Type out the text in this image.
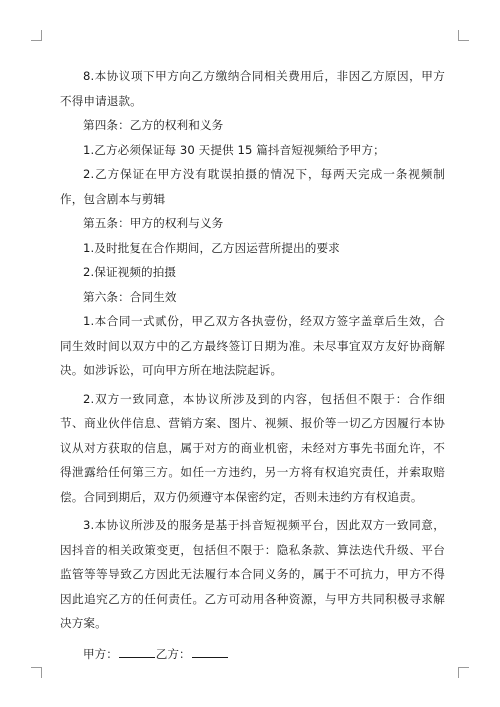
8.本协议项下甲方向乙方缴纳合同相关费用后，非因乙方原因，甲方不得申请退款。

第四条：乙方的权利和义务

1.乙方必须保证每 30 天提供 15 篇抖音短视频给予甲方；

2.乙方保证在甲方没有耽误拍摄的情况下，每两天完成一条视频制作，包含剧本与剪辑

第五条：甲方的权利与义务

1.及时批复在合作期间，乙方因运营所提出的要求

2.保证视频的拍摄

第六条：合同生效

1.本合同一式贰份，甲乙双方各执壹份，经双方签字盖章后生效，合同生效时间以双方中的乙方最终签订日期为准。未尽事宜双方友好协商解决。如涉诉讼，可向甲方所在地法院起诉。

2.双方一致同意，本协议所涉及到的内容，包括但不限于：合作细节、商业伙伴信息、营销方案、图片、视频、报价等一切乙方因履行本协议从对方获取的信息，属于对方的商业机密，未经对方事先书面允许，不得泄露给任何第三方。如任一方违约，另一方将有权追究责任，并索取赔偿。合同到期后，双方仍须遵守本保密约定，否则未违约方有权追责。

3.本协议所涉及的服务是基于抖音短视频平台，因此双方一致同意，因抖音的相关政策变更，包括但不限于：隐私条款、算法迭代升级、平台监管等等导致乙方因此无法履行本合同义务的，属于不可抗力，甲方不得因此追究乙方的任何责任。乙方可动用各种资源，与甲方共同积极寻求解决方案。

甲方：	乙方：
